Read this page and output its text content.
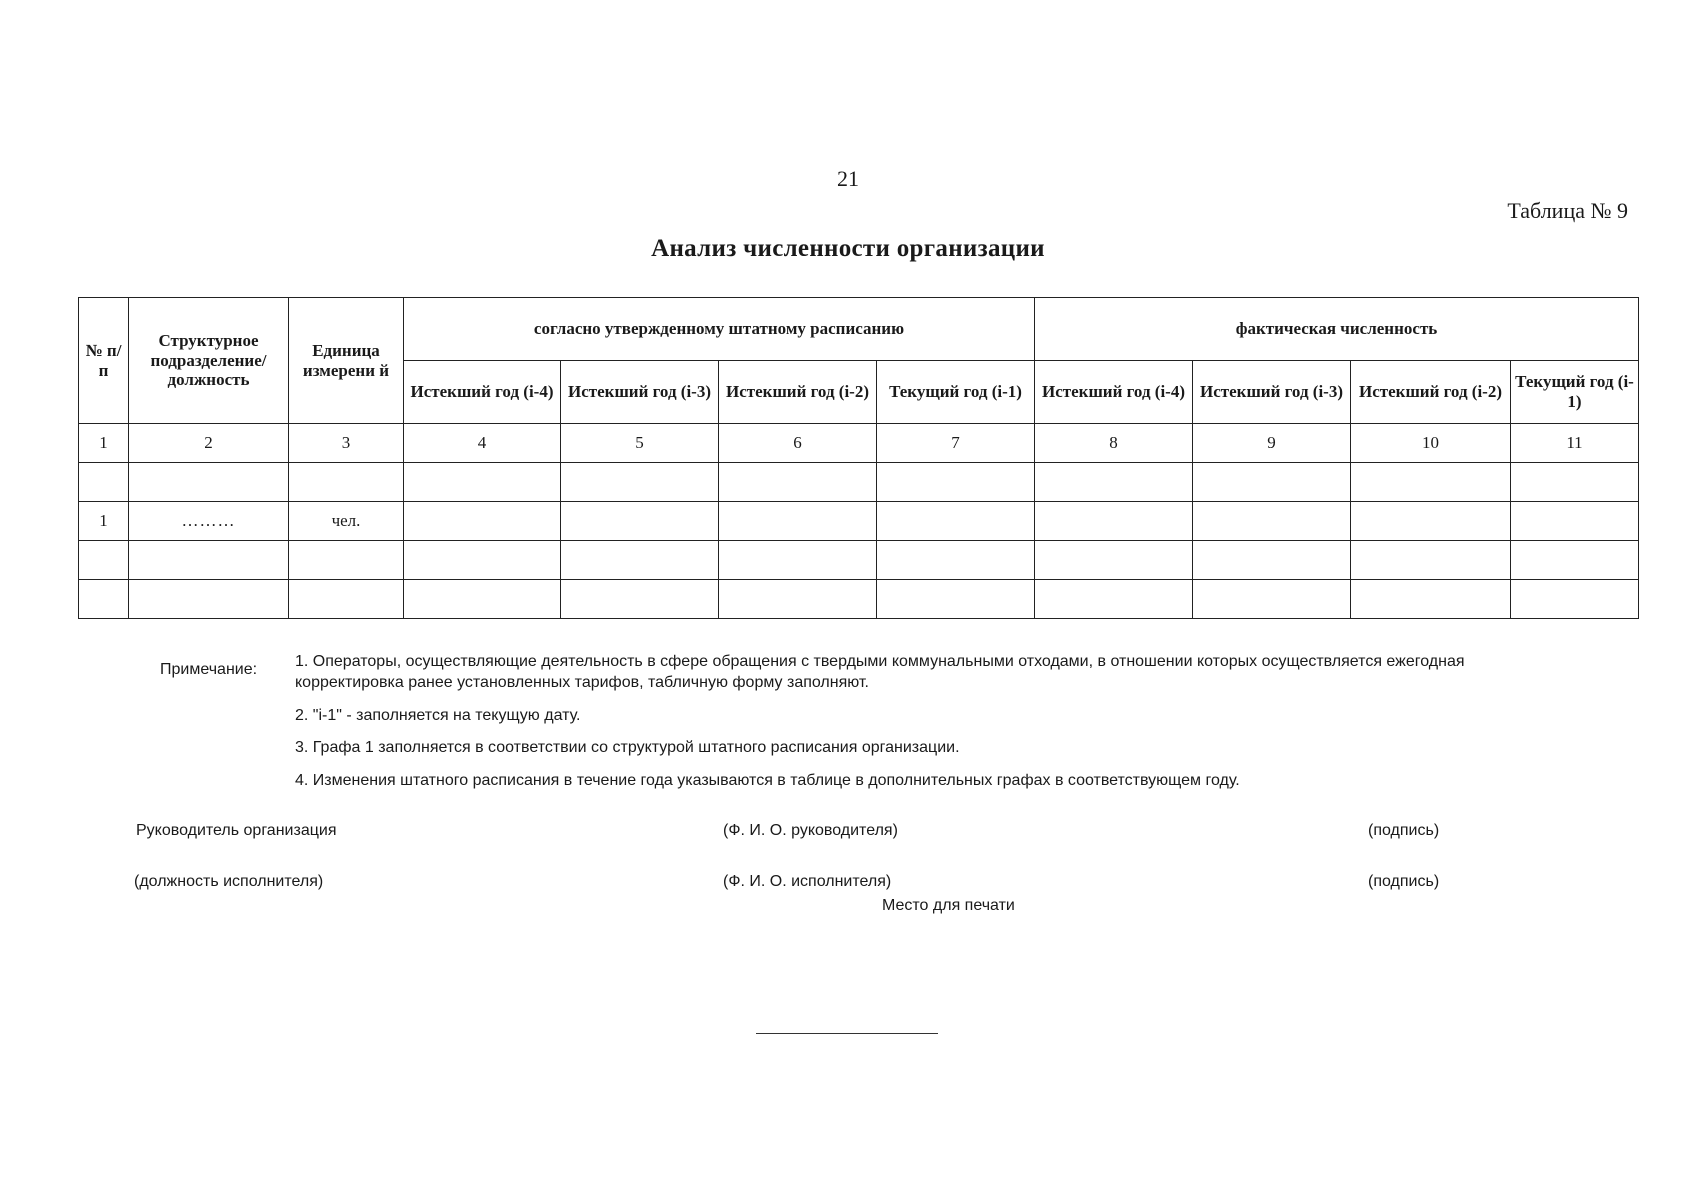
21
Таблица № 9
Анализ численности организации
№ п/ п	Структурное подразделение/ должность	Единица измерени й	согласно утвержденному штатному расписанию				фактическая численность			
			Истекший год (i-4)	Истекший год (i-3)	Истекший год (i-2)	Текущий год (i-1)	Истекший год (i-4)	Истекший год (i-3)	Истекший год (i-2)	Текущий год (i-1)
1	2	3	4	5	6	7	8	9	10	11

1	………	чел.								

Примечание: 1. Операторы, осуществляющие деятельность в сфере обращения с твердыми коммунальными отходами, в отношении которых осуществляется ежегодная корректировка ранее установленных тарифов, табличную форму заполняют.

2. "i-1" - заполняется на текущую дату.

3. Графа 1 заполняется в соответствии со структурой штатного расписания организации.

4. Изменения штатного расписания в течение года указываются в таблице в дополнительных графах в соответствующем году.

Руководитель организация	(Ф. И. О. руководителя)	(подпись)
(должность исполнителя)	(Ф. И. О. исполнителя)	(подпись)
Место для печати
